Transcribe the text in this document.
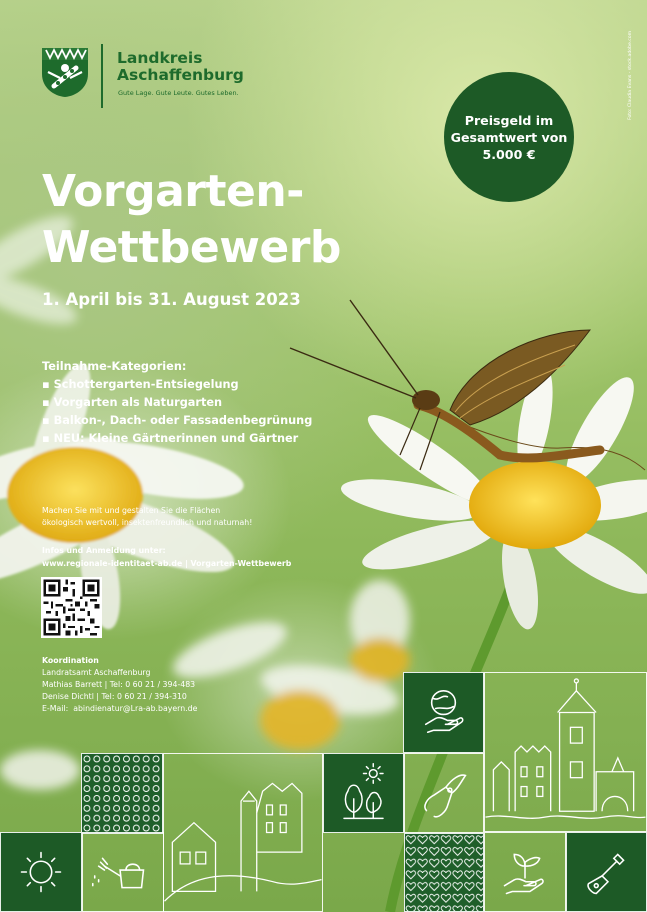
Landkreis
Aschaffenburg
Gute Lage. Gute Leute. Gutes Leben.	Foto: Claudia Evans - stock.adobe.com
Preisgeld im
Gesamtwert von
5.000 €
Vorgarten-
Wettbewerb
1. April bis 31. August 2023
Teilnahme-Kategorien:
▪ Schottergarten-Entsiegelung
▪ Vorgarten als Naturgarten
▪ Balkon-, Dach- oder Fassadenbegrünung
▪ NEU: Kleine Gärtnerinnen und Gärtner
Machen Sie mit und gestalten Sie die Flächen
ökologisch wertvoll, insektenfreundlich und naturnah!
Infos und Anmeldung unter:
www.regionale-identitaet-ab.de | Vorgarten-Wettbewerb
Koordination
Landratsamt Aschaffenburg
Mathias Barrett | Tel: 0 60 21 / 394-483
Denise Dichtl | Tel: 0 60 21 / 394-310
E-Mail: abindienatur@Lra-ab.bayern.de
